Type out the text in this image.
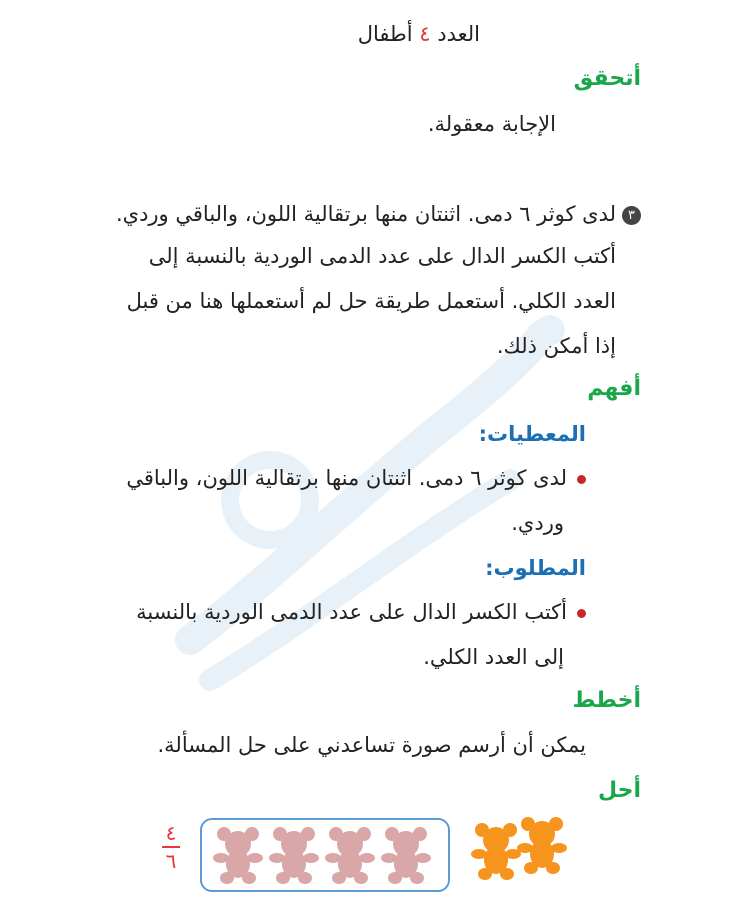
العدد ٤ أطفال
أتحقق
الإجابة معقولة.
٣لدى كوثر ٦ دمى. اثنتان منها برتقالية اللون، والباقي وردي.
أكتب الكسر الدال على عدد الدمى الوردية بالنسبة إلى
العدد الكلي. أستعمل طريقة حل لم أستعملها هنا من قبل
إذا أمكن ذلك.
أفهم
المعطيات:
لدى كوثر ٦ دمى. اثنتان منها برتقالية اللون، والباقي
وردي.
المطلوب:
أكتب الكسر الدال على عدد الدمى الوردية بالنسبة
إلى العدد الكلي.
أخطط
يمكن أن أرسم صورة تساعدني على حل المسألة.
أحل
٤
٦
